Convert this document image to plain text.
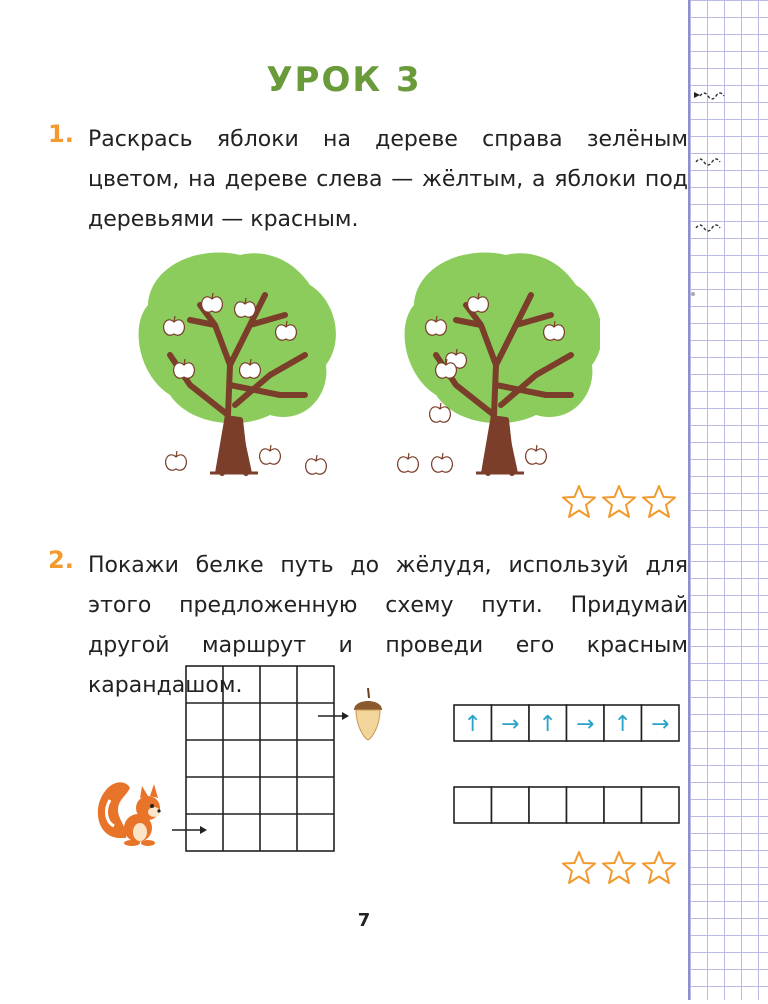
УРОК 3
1. Раскрась яблоки на дереве справа зелёным цветом, на дереве слева — жёлтым, а яблоки под деревьями — красным.
2. Покажи белке путь до жёлудя, используй для этого предложенную схему пути. Придумай другой маршрут и проведи его красным карандашом.
↑ → ↑ → ↑ →
7
